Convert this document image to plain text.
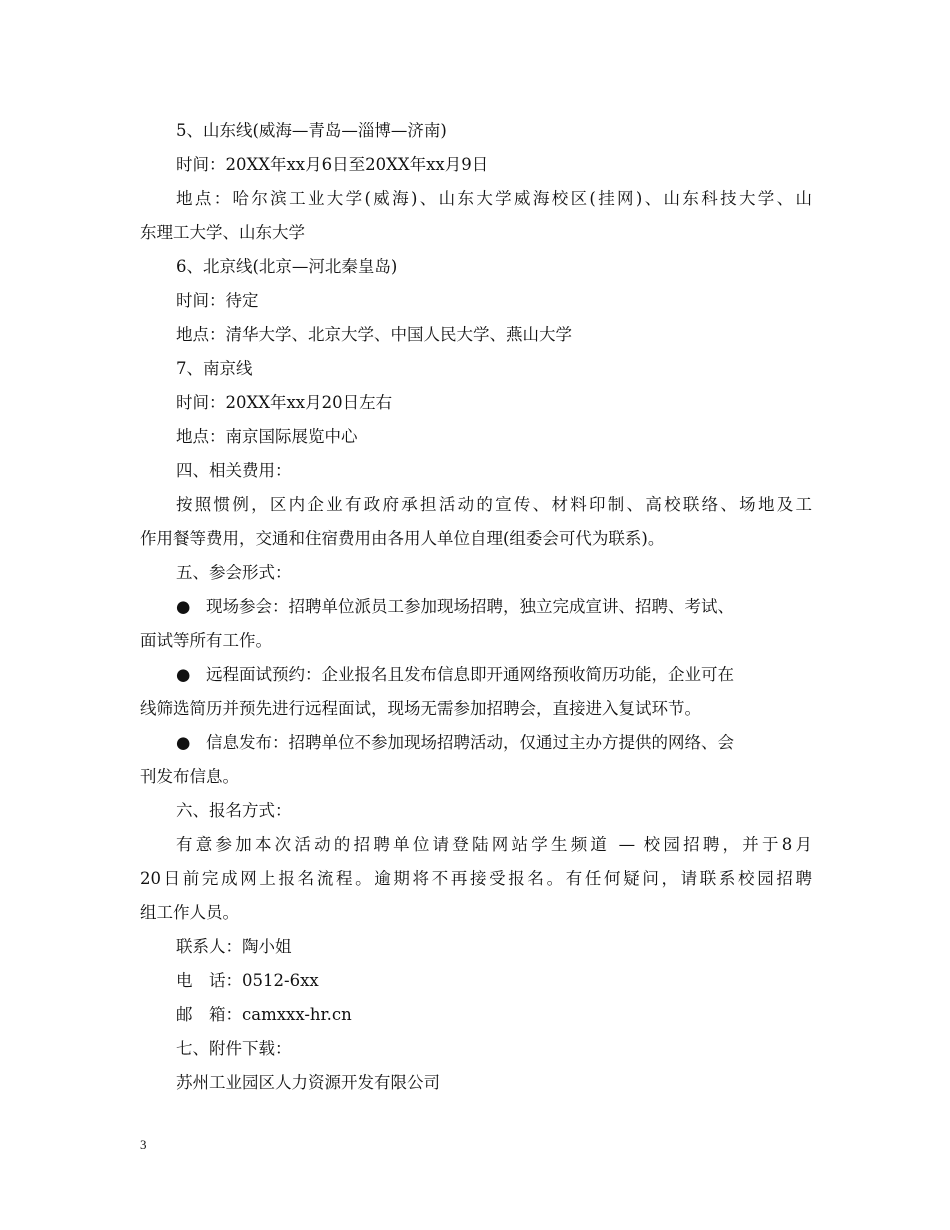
5、山东线(威海—青岛—淄博—济南)
时间：20XX年xx月6日至20XX年xx月9日
地点：哈尔滨工业大学(威海)、山东大学威海校区(挂网)、山东科技大学、山
东理工大学、山东大学
6、北京线(北京—河北秦皇岛)
时间：待定
地点：清华大学、北京大学、中国人民大学、燕山大学
7、南京线
时间：20XX年xx月20日左右
地点：南京国际展览中心
四、相关费用：
按照惯例，区内企业有政府承担活动的宣传、材料印制、高校联络、场地及工
作用餐等费用，交通和住宿费用由各用人单位自理(组委会可代为联系)。
五、参会形式：
● 现场参会：招聘单位派员工参加现场招聘，独立完成宣讲、招聘、考试、
面试等所有工作。
● 远程面试预约：企业报名且发布信息即开通网络预收简历功能，企业可在
线筛选简历并预先进行远程面试，现场无需参加招聘会，直接进入复试环节。
● 信息发布：招聘单位不参加现场招聘活动，仅通过主办方提供的网络、会
刊发布信息。
六、报名方式：
有意参加本次活动的招聘单位请登陆网站学生频道 — 校园招聘，并于8月
20日前完成网上报名流程。逾期将不再接受报名。有任何疑问，请联系校园招聘
组工作人员。
联系人：陶小姐
电　话：0512-6xx
邮　箱：camxxx-hr.cn
七、附件下载：
苏州工业园区人力资源开发有限公司
3
